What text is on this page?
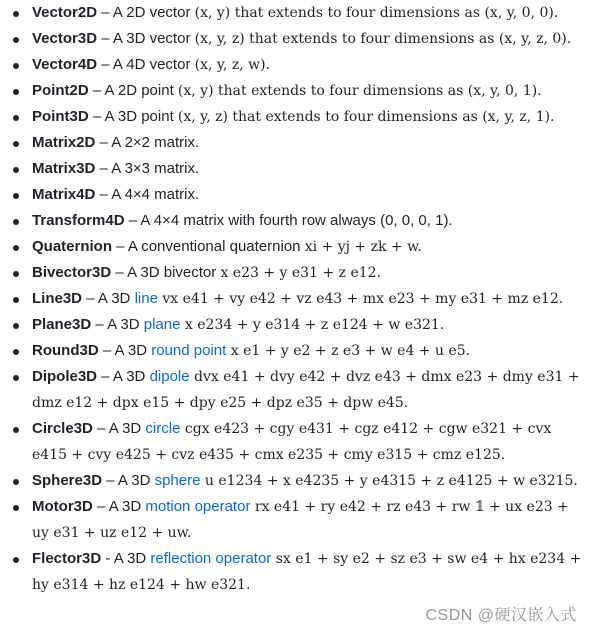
Vector2D – A 2D vector (x, y) that extends to four dimensions as (x, y, 0, 0).
Vector3D – A 3D vector (x, y, z) that extends to four dimensions as (x, y, z, 0).
Vector4D – A 4D vector (x, y, z, w).
Point2D – A 2D point (x, y) that extends to four dimensions as (x, y, 0, 1).
Point3D – A 3D point (x, y, z) that extends to four dimensions as (x, y, z, 1).
Matrix2D – A 2×2 matrix.
Matrix3D – A 3×3 matrix.
Matrix4D – A 4×4 matrix.
Transform4D – A 4×4 matrix with fourth row always (0, 0, 0, 1).
Quaternion – A conventional quaternion xi + yj + zk + w.
Bivector3D – A 3D bivector x e23 + y e31 + z e12.
Line3D – A 3D line vx e41 + vy e42 + vz e43 + mx e23 + my e31 + mz e12.
Plane3D – A 3D plane x e234 + y e314 + z e124 + w e321.
Round3D – A 3D round point x e1 + y e2 + z e3 + w e4 + u e5.
Dipole3D – A 3D dipole dvx e41 + dvy e42 + dvz e43 + dmx e23 + dmy e31 + dmz e12 + dpx e15 + dpy e25 + dpz e35 + dpw e45.
Circle3D – A 3D circle cgx e423 + cgy e431 + cgz e412 + cgw e321 + cvx e415 + cvy e425 + cvz e435 + cmx e235 + cmy e315 + cmz e125.
Sphere3D – A 3D sphere u e1234 + x e4235 + y e4315 + z e4125 + w e3215.
Motor3D – A 3D motion operator rx e41 + ry e42 + rz e43 + rw 𝟙 + ux e23 + uy e31 + uz e12 + uw.
Flector3D - A 3D reflection operator sx e1 + sy e2 + sz e3 + sw e4 + hx e234 + hy e314 + hz e124 + hw e321.
CSDN @硬汉嵌入式
